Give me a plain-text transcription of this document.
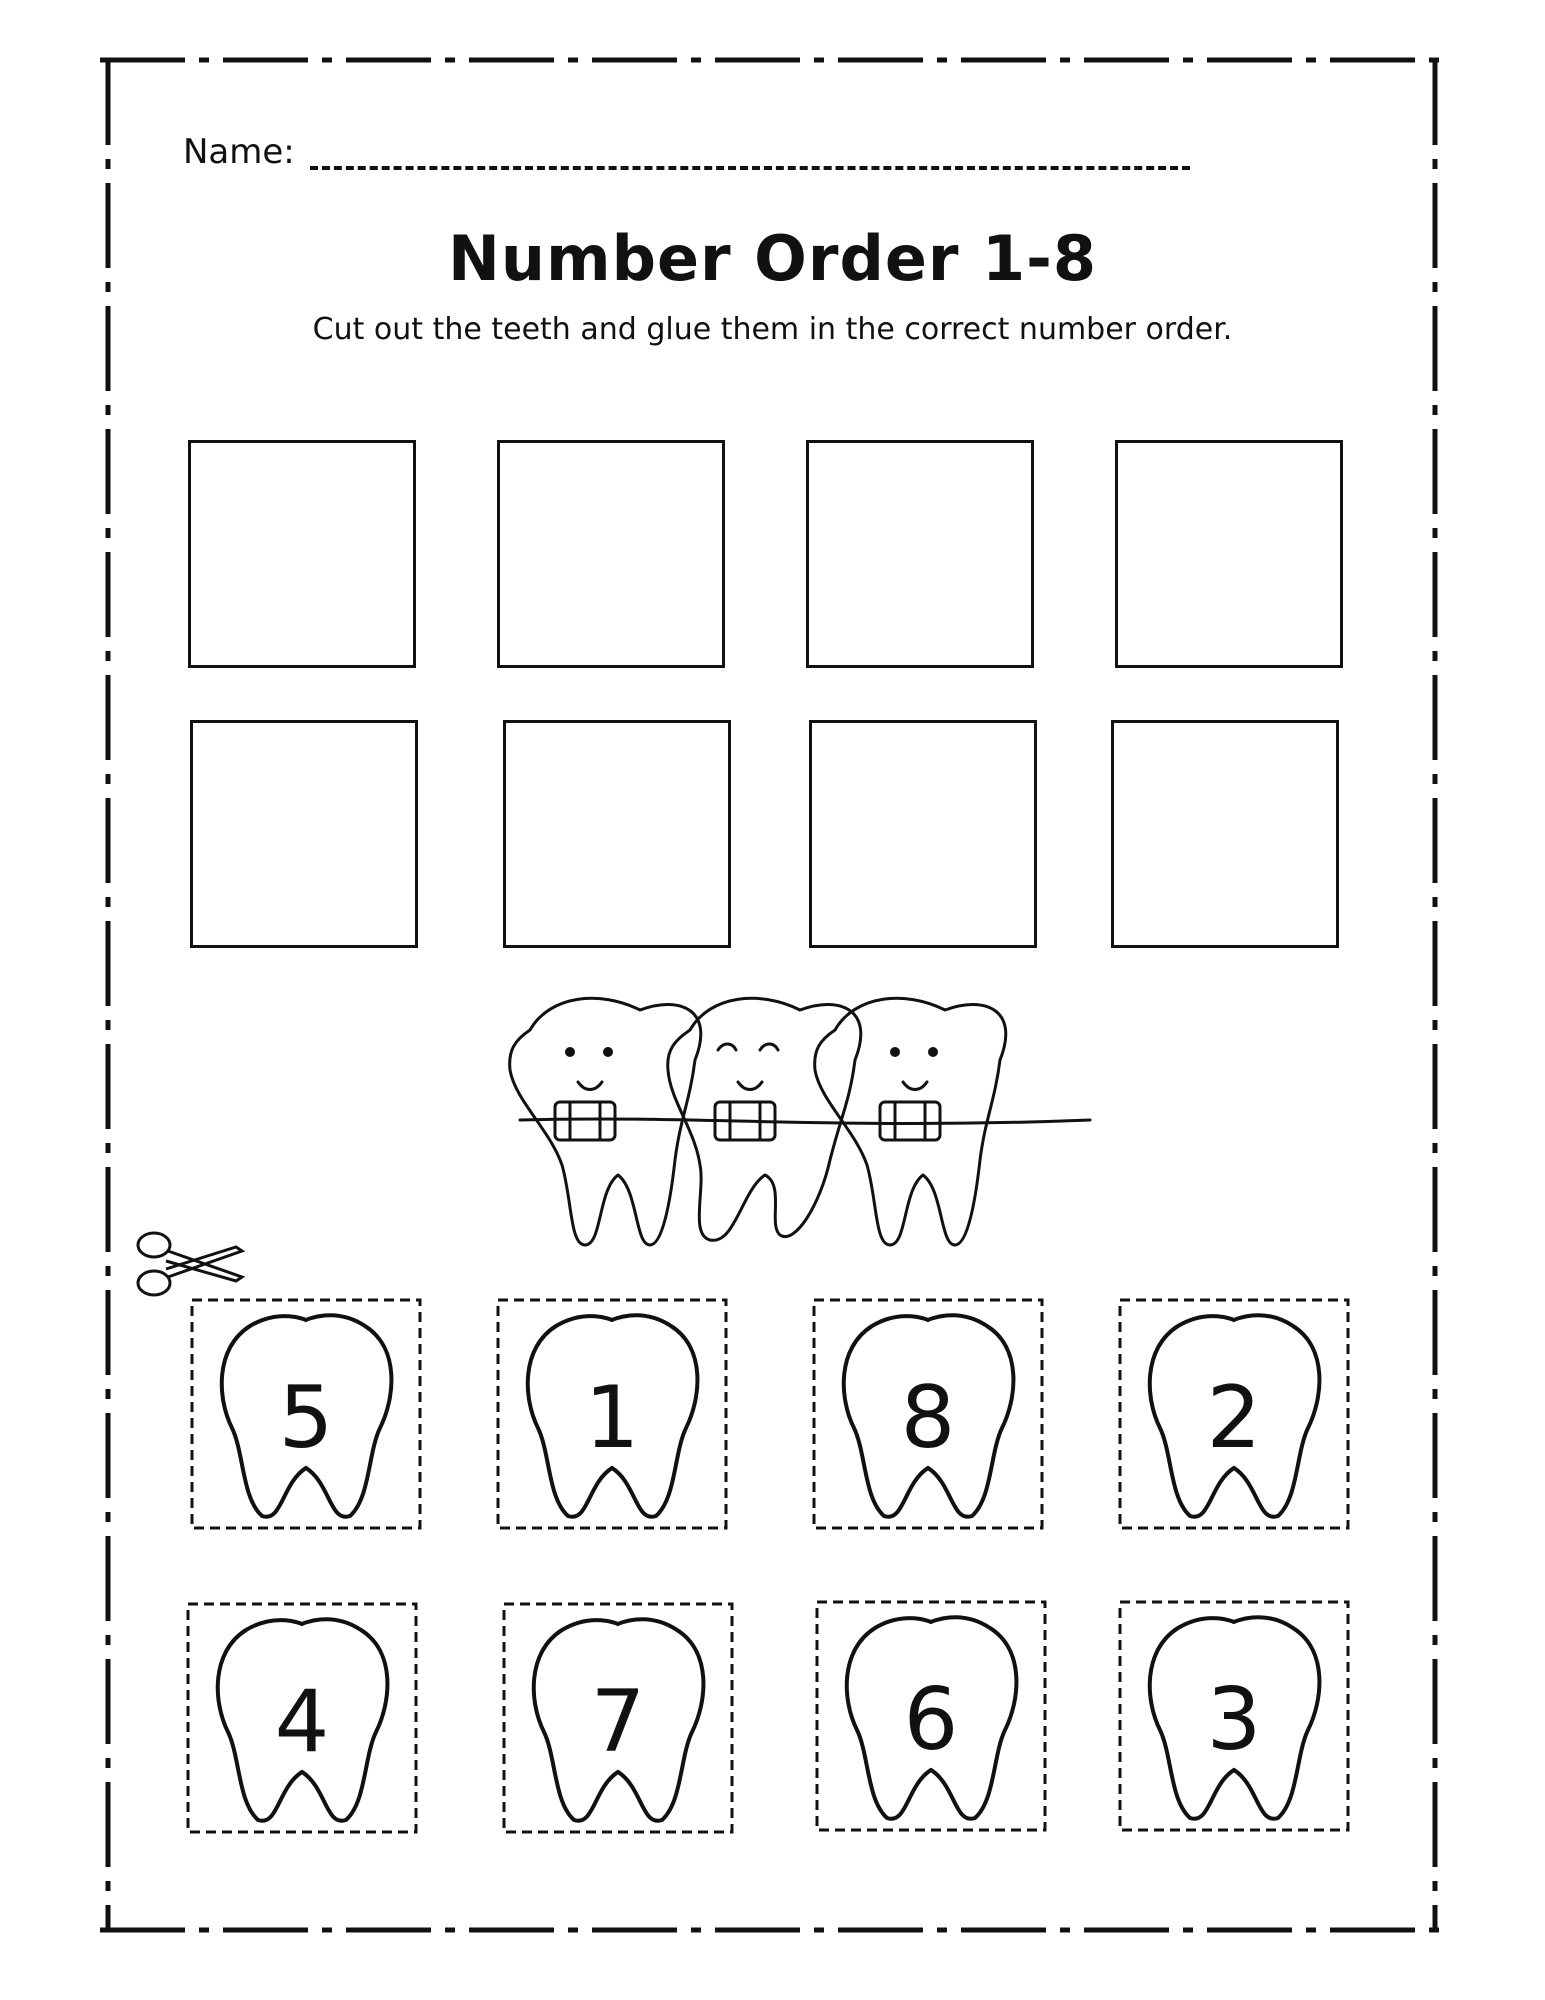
Name:
Number Order 1-8
Cut out the teeth and glue them in the correct number order.
5	1	8	2
4	7	6	3
